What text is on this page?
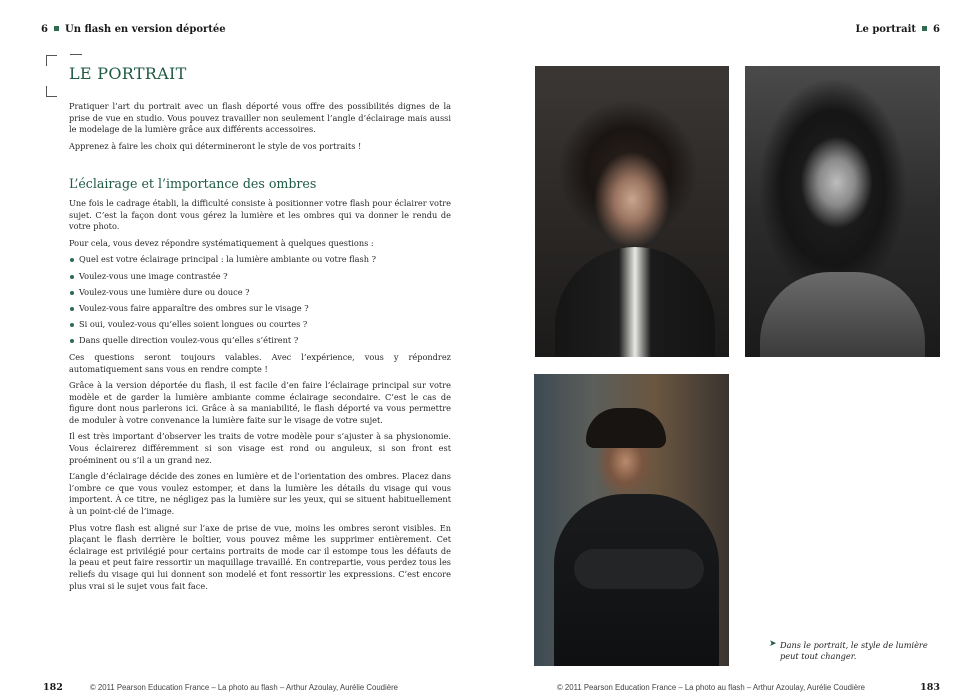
6 Un flash en version déportée	Le portrait 6
LE PORTRAIT

Pratiquer l’art du portrait avec un flash déporté vous offre des possibilités dignes de la prise de vue en studio. Vous pouvez travailler non seulement l’angle d’éclairage mais aussi le modelage de la lumière grâce aux différents accessoires.

Apprenez à faire les choix qui détermineront le style de vos portraits !

L’éclairage et l’importance des ombres

Une fois le cadrage établi, la difficulté consiste à positionner votre flash pour éclairer votre sujet. C’est la façon dont vous gérez la lumière et les ombres qui va donner le rendu de votre photo.

Pour cela, vous devez répondre systématiquement à quelques questions :

Quel est votre éclairage principal : la lumière ambiante ou votre flash ?
Voulez-vous une image contrastée ?
Voulez-vous une lumière dure ou douce ?
Voulez-vous faire apparaître des ombres sur le visage ?
Si oui, voulez-vous qu’elles soient longues ou courtes ?
Dans quelle direction voulez-vous qu’elles s’étirent ?

Ces questions seront toujours valables. Avec l’expérience, vous y répondrez automatiquement sans vous en rendre compte !

Grâce à la version déportée du flash, il est facile d’en faire l’éclairage principal sur votre modèle et de garder la lumière ambiante comme éclairage secondaire. C’est le cas de figure dont nous parlerons ici. Grâce à sa maniabilité, le flash déporté va vous permettre de moduler à votre convenance la lumière faite sur le visage de votre sujet.

Il est très important d’observer les traits de votre modèle pour s’ajuster à sa physionomie. Vous éclairerez différemment si son visage est rond ou anguleux, si son front est proéminent ou s’il a un grand nez.

L’angle d’éclairage décide des zones en lumière et de l’orientation des ombres. Placez dans l’ombre ce que vous voulez estomper, et dans la lumière les détails du visage qui vous importent. À ce titre, ne négligez pas la lumière sur les yeux, qui se situent habituellement à un point-clé de l’image.

Plus votre flash est aligné sur l’axe de prise de vue, moins les ombres seront visibles. En plaçant le flash derrière le boîtier, vous pouvez même les supprimer entièrement. Cet éclairage est privilégié pour certains portraits de mode car il estompe tous les défauts de la peau et peut faire ressortir un maquillage travaillé. En contrepartie, vous perdez tous les reliefs du visage qui lui donnent son modelé et font ressortir les expressions. C’est encore plus vrai si le sujet vous fait face.

➤ Dans le portrait, le style de lumière peut tout changer.
182	© 2011 Pearson Education France – La photo au flash – Arthur Azoulay, Aurélie Coudière	© 2011 Pearson Education France – La photo au flash – Arthur Azoulay, Aurélie Coudière	183
